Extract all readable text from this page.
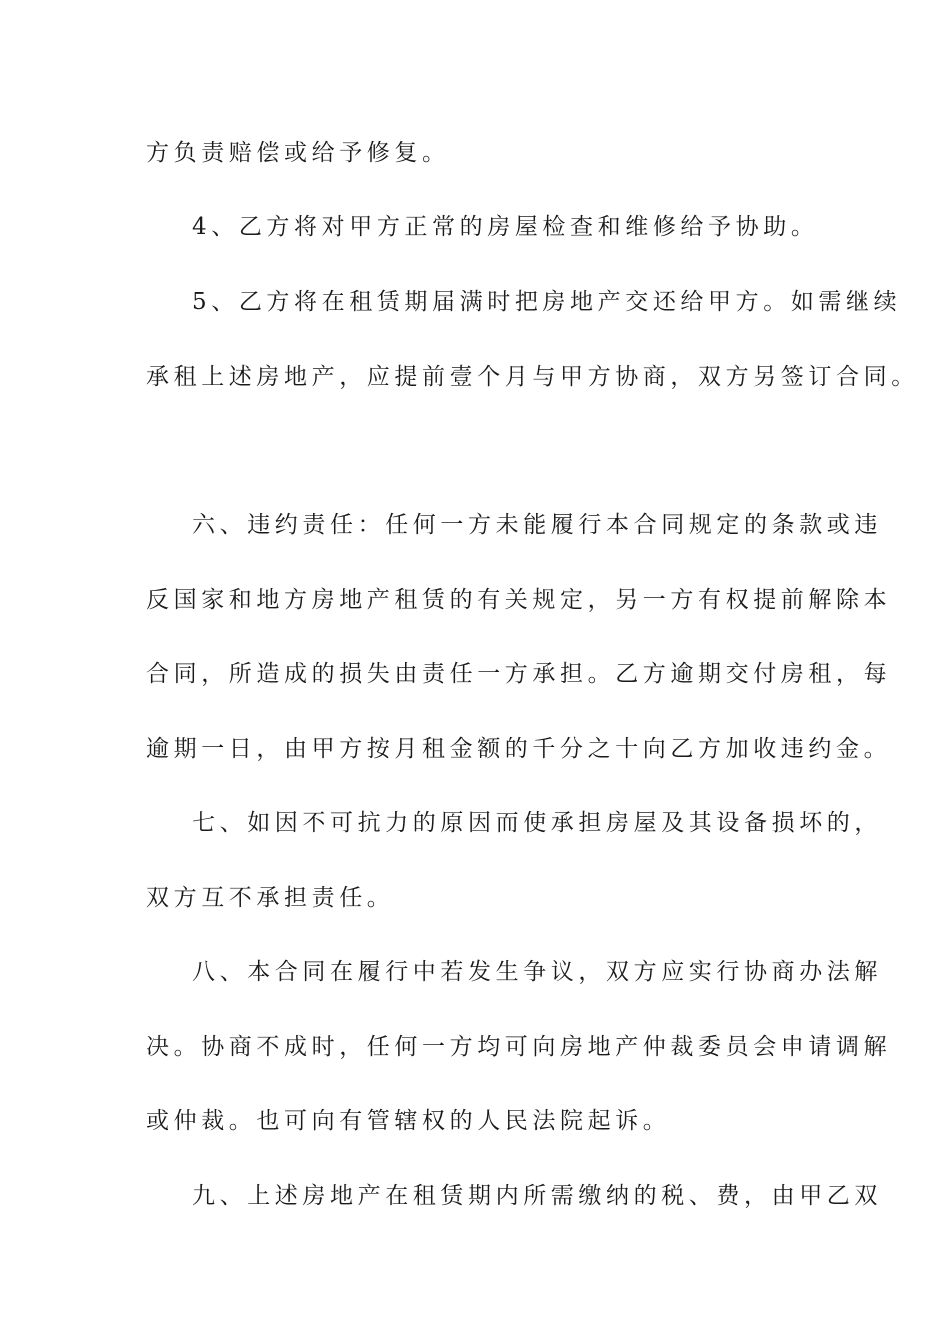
方负责赔偿或给予修复。
4、乙方将对甲方正常的房屋检查和维修给予协助。
5、乙方将在租赁期届满时把房地产交还给甲方。如需继续
承租上述房地产，应提前壹个月与甲方协商，双方另签订合同。
六、违约责任：任何一方未能履行本合同规定的条款或违
反国家和地方房地产租赁的有关规定，另一方有权提前解除本
合同，所造成的损失由责任一方承担。乙方逾期交付房租，每
逾期一日，由甲方按月租金额的千分之十向乙方加收违约金。
七、如因不可抗力的原因而使承担房屋及其设备损坏的，
双方互不承担责任。
八、本合同在履行中若发生争议，双方应实行协商办法解
决。协商不成时，任何一方均可向房地产仲裁委员会申请调解
或仲裁。也可向有管辖权的人民法院起诉。
九、上述房地产在租赁期内所需缴纳的税、费，由甲乙双
